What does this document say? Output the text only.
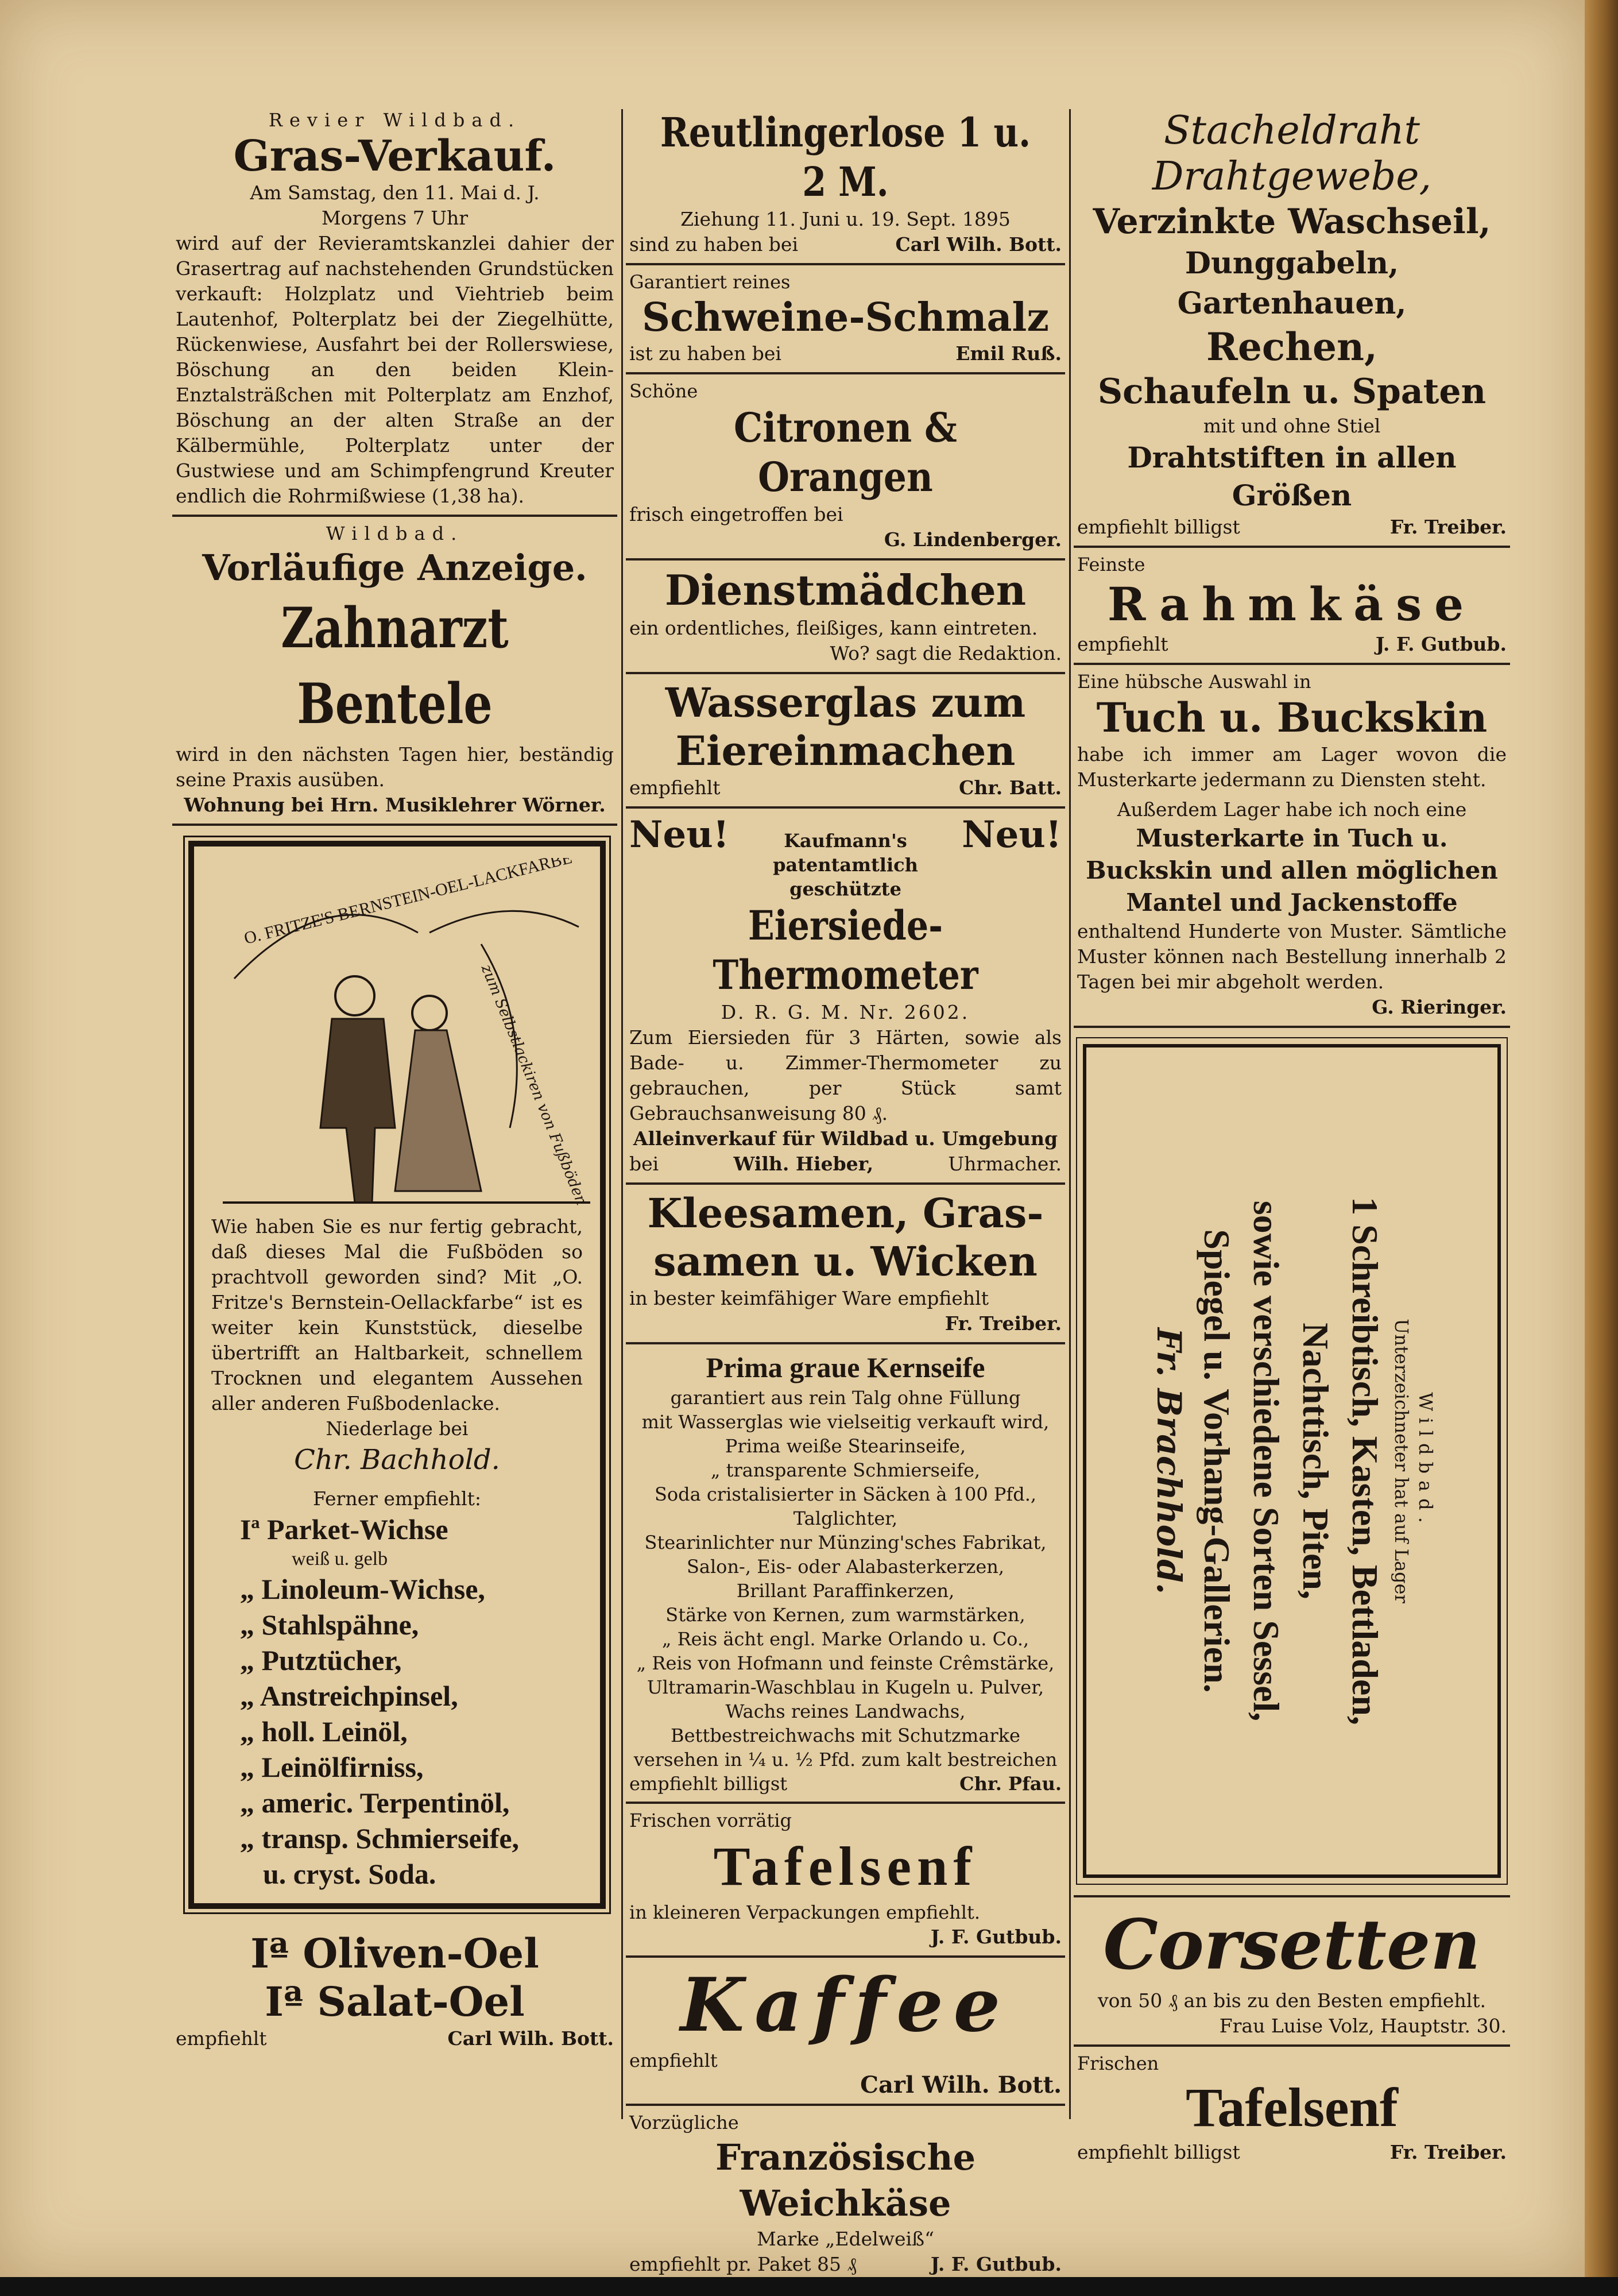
Revier Wildbad.
Gras-Verkauf.
Am Samstag, den 11. Mai d. J.
Morgens 7 Uhr
wird auf der Revieramtskanzlei dahier der Grasertrag auf nachstehenden Grundstücken verkauft: Holzplatz und Viehtrieb beim Lautenhof, Polterplatz bei der Ziegelhütte, Rückenwiese, Ausfahrt bei der Rollerswiese, Böschung an den beiden Klein-Enztalsträßchen mit Polterplatz am Enzhof, Böschung an der alten Straße an der Kälbermühle, Polterplatz unter der Gustwiese und am Schimpfengrund Kreuter endlich die Rohrmißwiese (1,38 ha).
Wildbad.
Vorläufige Anzeige.
Zahnarzt Bentele
wird in den nächsten Tagen hier, beständig seine Praxis ausüben.
Wohnung bei Hrn. Musiklehrer Wörner.
O. FRITZE'S BERNSTEIN-OEL-LACKFARBE
zum Selbstlackiren von Fußböden
Wie haben Sie es nur fertig gebracht, daß dieses Mal die Fußböden so prachtvoll geworden sind? Mit „O. Fritze's Bernstein-Oellackfarbe“ ist es weiter kein Kunststück, dieselbe übertrifft an Haltbarkeit, schnellem Trocknen und elegantem Aussehen aller anderen Fußbodenlacke.
Niederlage bei
Chr. Bachhold.
Ferner empfiehlt:
Iª Parket-Wichse
weiß u. gelb
„ Linoleum-Wichse,
„ Stahlspähne,
„ Putztücher,
„ Anstreichpinsel,
„ holl. Leinöl,
„ Leinölfirniss,
„ americ. Terpentinöl,
„ transp. Schmierseife,
u. cryst. Soda.
Iª Oliven-Oel
Iª Salat-Oel
empfiehlt	Carl Wilh. Bott.
Reutlingerlose 1 u. 2 M.
Ziehung 11. Juni u. 19. Sept. 1895
sind zu haben bei	Carl Wilh. Bott.
Garantiert reines
Schweine-Schmalz
ist zu haben bei	Emil Ruß.
Schöne
Citronen & Orangen
frisch eingetroffen bei
G. Lindenberger.
Dienstmädchen
ein ordentliches, fleißiges, kann eintreten.
Wo? sagt die Redaktion.
Wasserglas zum
Eiereinmachen
empfiehlt	Chr. Batt.
Neu!	Kaufmann's patentamtlich geschützte
Neu!
Eiersiede-Thermometer
D. R. G. M. Nr. 2602.
Zum Eiersieden für 3 Härten, sowie als Bade- u. Zimmer-Thermometer zu gebrauchen, per Stück samt Gebrauchsanweisung 80 ₰.
Alleinverkauf für Wildbad u. Umgebung
bei	Wilh. Hieber,	Uhrmacher.
Kleesamen, Gras-
samen u. Wicken
in bester keimfähiger Ware empfiehlt
Fr. Treiber.
Prima graue Kernseife
garantiert aus rein Talg ohne Füllung
mit Wasserglas wie vielseitig verkauft wird,
Prima weiße Stearinseife,
„ transparente Schmierseife,
Soda cristalisierter in Säcken à 100 Pfd.,
Talglichter,
Stearinlichter nur Münzing'sches Fabrikat,
Salon-, Eis- oder Alabasterkerzen,
Brillant Paraffinkerzen,
Stärke von Kernen, zum warmstärken,
„ Reis ächt engl. Marke Orlando u. Co.,
„ Reis von Hofmann und feinste Crêmstärke,
Ultramarin-Waschblau in Kugeln u. Pulver,
Wachs reines Landwachs,
Bettbestreichwachs mit Schutzmarke versehen in ¼ u. ½ Pfd. zum kalt bestreichen
empfiehlt billigst	Chr. Pfau.
Frischen vorrätig
Tafelsenf
in kleineren Verpackungen empfiehlt.
J. F. Gutbub.
Kaffee
empfiehlt
Carl Wilh. Bott.
Vorzügliche
Französische Weichkäse
Marke „Edelweiß“
empfiehlt pr. Paket 85 ₰	J. F. Gutbub.
Stacheldraht
Drahtgewebe,
Verzinkte Waschseil,
Dunggabeln, Gartenhauen,
Rechen,
Schaufeln u. Spaten
mit und ohne Stiel
Drahtstiften in allen Größen
empfiehlt billigst	Fr. Treiber.
Feinste
Rahmkäse
empfiehlt	J. F. Gutbub.
Eine hübsche Auswahl in
Tuch u. Buckskin
habe ich immer am Lager wovon die Musterkarte jedermann zu Diensten steht.
Außerdem Lager habe ich noch eine
Musterkarte in Tuch u. Buckskin und allen möglichen Mantel und Jackenstoffe
enthaltend Hunderte von Muster. Sämtliche Muster können nach Bestellung innerhalb 2 Tagen bei mir abgeholt werden.
G. Rieringer.
Wildbad.
Unterzeichneter hat auf Lager
1 Schreibtisch, Kasten, Bettladen,
Nachttisch, Piten,
sowie verschiedene Sorten Sessel,
Spiegel u. Vorhang-Gallerien.
Fr. Brachhold.
Corsetten
von 50 ₰ an bis zu den Besten empfiehlt.
Frau Luise Volz, Hauptstr. 30.
Frischen
Tafelsenf
empfiehlt billigst	Fr. Treiber.
